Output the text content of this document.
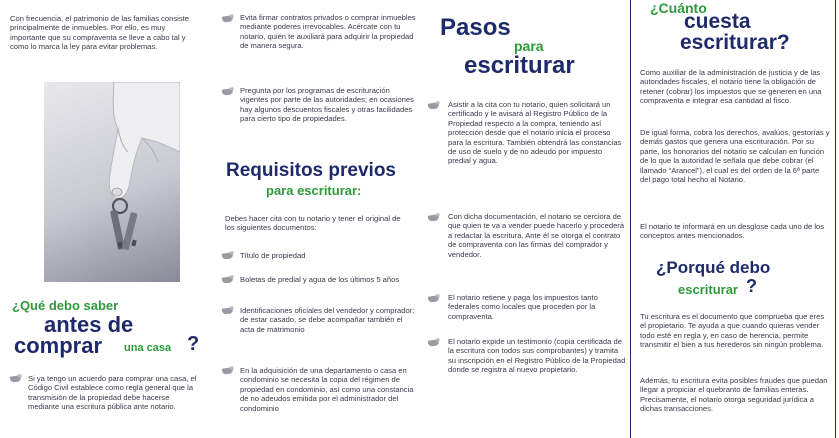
Con frecuencia, el patrimonio de las familias consiste principalmente de inmuebles. Por ello, es muy importante que su compraventa se lleve a cabo tal y como lo marca la ley para evitar problemas.
¿Qué debo saber
antes de
comprar una casa ?
Si ya tengo un acuerdo para comprar una casa, el Código Civil establece como regla general que la transmisión de la propiedad debe hacerse mediante una escritura pública ante notario.
Evita firmar contratos privados o comprar inmuebles mediante poderes irrevocables. Acércate con tu notario, quién te auxiliará para adquirir la propiedad de manera segura.
Pregunta por los programas de escrituración vigentes por parte de las autoridades; en ocasiones hay algunos descuentos fiscales y otras facilidades para cierto tipo de propiedades.
Requisitos previos
para escriturar:
Debes hacer cita con tu notario y tener el original de los siguientes documentos:
Título de propiedad
Boletas de predial y agua de los últimos 5 años
Identificaciones oficiales del vendedor y comprador; de estar casado, se debe acompañar también el acta de matrimonio
En la adquisición de una departamento o casa en condominio se necesita la copia del régimen de propiedad en condominio, así como una constancia de no adeudos emitida por el administrador del condominio
Pasos
para
escriturar
Asistir a la cita con tu notario, quien solicitará un certificado y le avisará al Registro Público de la Propiedad respecto a la compra, teniendo así protección desde que el notario inicia el proceso para la escritura. También obtendrá las constancias de uso de suelo y de no adeudo por impuesto predial y agua.
Con dicha documentación, el notario se cerciora de que quien te va a vender puede hacerlo y procederá a redactar la escritura. Ante él se otorga el contrato de compraventa con las firmas del comprador y vendedor.
El notario retiene y paga los impuestos tanto federales como locales que proceden por la compraventa.
El notario expide un testimonio (copia certificada de la escritura con todos sus comprobantes) y tramita su inscripción en el Registro Público de la Propiedad donde se registra al nuevo propietario.
¿Cuánto
cuesta
escriturar?
Como auxiliar de la administración de justicia y de las autoridades fiscales, el notario tiene la obligación de retener (cobrar) los impuestos que se generen en una compraventa e integrar esa cantidad al fisco.
De igual forma, cobra los derechos, avalúos, gestorías y demás gastos que genera una escrituración. Por su parte, los honorarios del notario se calculan en función de lo que la autoridad le señala que debe cobrar (el llamado “Arancel”), el cual es del orden de la 6ª parte del pago total hecho al Notario.
El notario te informará en un desglose cada uno de los conceptos antes mencionados.
¿Porqué debo
escriturar ?
Tu escritura es el documento que comprueba que eres el propietario. Te ayuda a que cuando quieras vender todo esté en regla y, en caso de herencia, permite transmitir el bien a tus herederos sin ningún problema.
Además, tu escritura evita posibles fraudes que puedan llegar a propiciar el quebranto de familias enteras. Precisamente, el notario otorga seguridad jurídica a dichas transacciones.
